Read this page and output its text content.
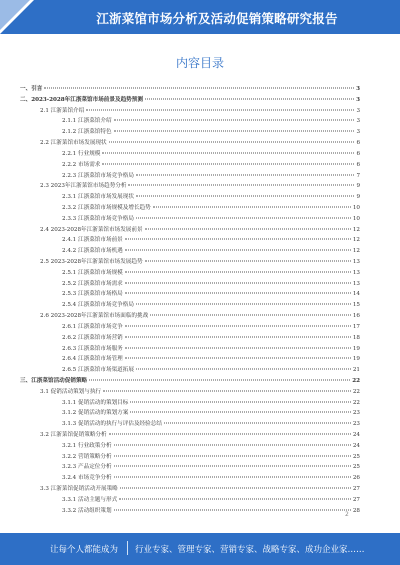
江浙菜馆市场分析及活动促销策略研究报告
内容目录
一、引言	3
二、2023-2028年江浙菜馆市场前景及趋势预测	3
2.1 江浙菜馆介绍	3
2.1.1 江浙菜馆介绍	3
2.1.2 江浙菜馆特色	3
2.2 江浙菜馆市场发展现状	6
2.2.1 行业规模	6
2.2.2 市场需求	6
2.2.3 江浙菜馆市场竞争格局	7
2.3 2023年江浙菜馆市场趋势分析	9
2.3.1 江浙菜馆市场发展现状	9
2.3.2 江浙菜馆市场规模及增长趋势	10
2.3.3 江浙菜馆市场竞争格局	10
2.4 2023-2028年江浙菜馆市场发展前景	12
2.4.1 江浙菜馆市场前景	12
2.4.2 江浙菜馆市场机遇	12
2.5 2023-2028年江浙菜馆市场发展趋势	13
2.5.1 江浙菜馆市场规模	13
2.5.2 江浙菜馆市场需求	13
2.5.3 江浙菜馆市场格局	14
2.5.4 江浙菜馆市场竞争格局	15
2.6 2023-2028年江浙菜馆市场面临的挑战	16
2.6.1 江浙菜馆市场竞争	17
2.6.2 江浙菜馆市场营销	18
2.6.3 江浙菜馆市场服务	19
2.6.4 江浙菜馆市场管理	19
2.6.5 江浙菜馆市场渠道拓展	21
三、江浙菜馆活动促销策略	22
3.1 促销活动策划与执行	22
3.1.1 促销活动的策划目标	22
3.1.2 促销活动的策划方案	23
3.1.3 促销活动的执行与评估及经验总结	23
3.2 江浙菜馆促销策略分析	24
3.2.1 行业政策分析	24
3.2.2 营销策略分析	25
3.2.3 产品定位分析	25
3.2.4 市场竞争分析	26
3.3 江浙菜馆促销活动开展策略	27
3.3.1 活动主题与形式	27
3.3.2 活动组织策划	28
2
让每个人都能成为 行业专家、管理专家、营销专家、战略专家、成功企业家……
